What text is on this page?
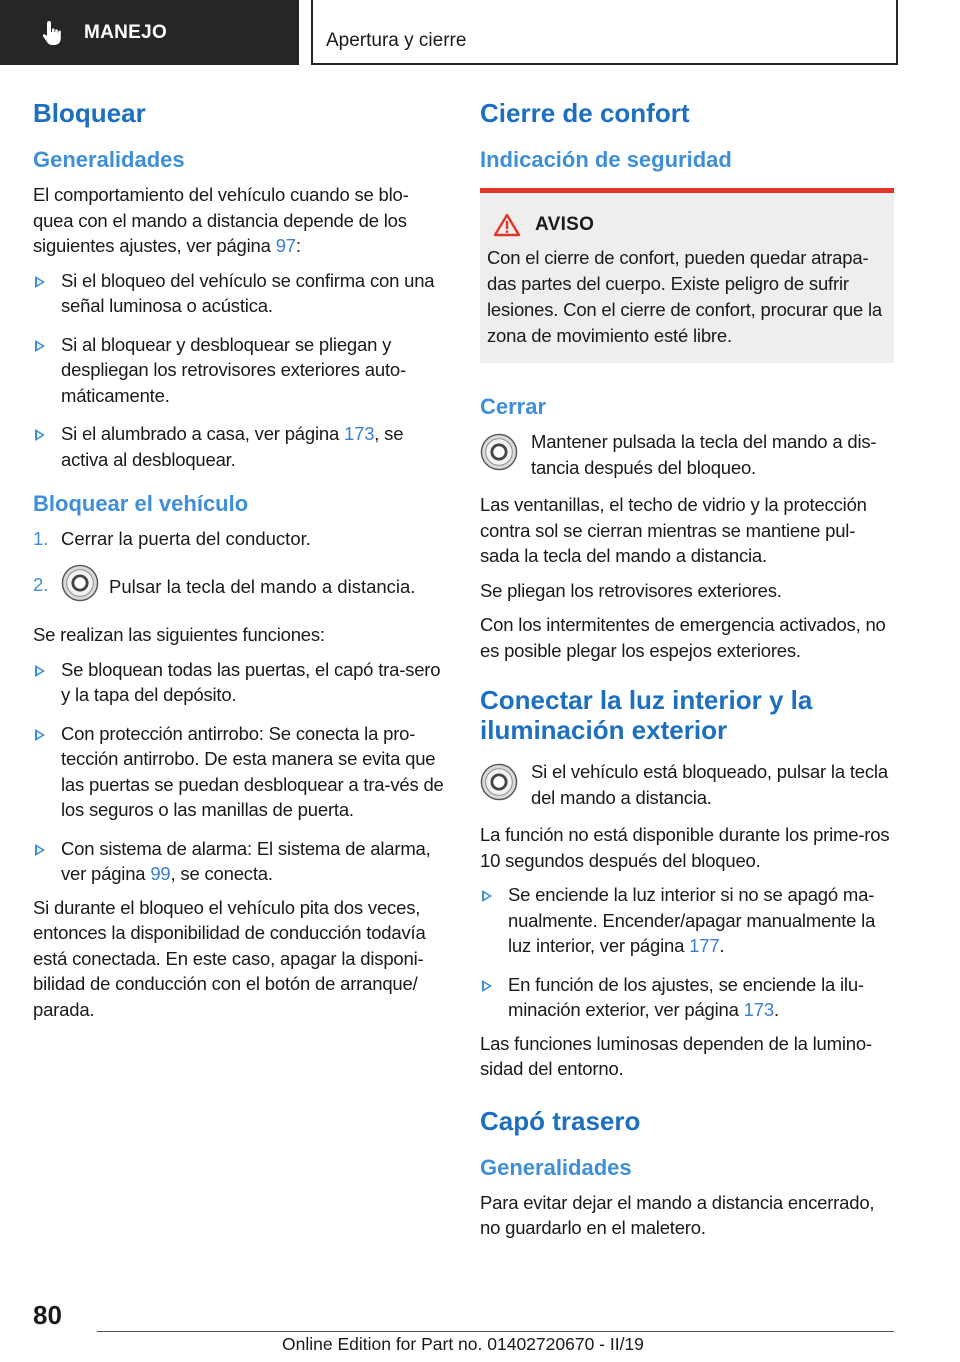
MANEJO	Apertura y cierre
Bloquear
Generalidades

El comportamiento del vehículo cuando se blo-quea con el mando a distancia depende de los siguientes ajustes, ver página 97:

Si el bloqueo del vehículo se confirma con una señal luminosa o acústica.
Si al bloquear y desbloquear se pliegan y despliegan los retrovisores exteriores auto-máticamente.
Si el alumbrado a casa, ver página 173, se activa al desbloquear.
Bloquear el vehículo
1. Cerrar la puerta del conductor.
2.	Pulsar la tecla del mando a distancia.

Se realizan las siguientes funciones:

Se bloquean todas las puertas, el capó tra-sero y la tapa del depósito.
Con protección antirrobo: Se conecta la pro-tección antirrobo. De esta manera se evita que las puertas se puedan desbloquear a tra-vés de los seguros o las manillas de puerta.
Con sistema de alarma: El sistema de alarma, ver página 99, se conecta.

Si durante el bloqueo el vehículo pita dos veces, entonces la disponibilidad de conducción todavía está conectada. En este caso, apagar la disponi-bilidad de conducción con el botón de arranque/ parada.

Cierre de confort
Indicación de seguridad
AVISO

Con el cierre de confort, pueden quedar atrapa-das partes del cuerpo. Existe peligro de sufrir lesiones. Con el cierre de confort, procurar que la zona de movimiento esté libre.

Cerrar

Mantener pulsada la tecla del mando a dis-tancia después del bloqueo.

Las ventanillas, el techo de vidrio y la protección contra sol se cierran mientras se mantiene pul-sada la tecla del mando a distancia.

Se pliegan los retrovisores exteriores.

Con los intermitentes de emergencia activados, no es posible plegar los espejos exteriores.

Conectar la luz interior y la iluminación exterior

Si el vehículo está bloqueado, pulsar la tecla del mando a distancia.

La función no está disponible durante los prime-ros 10 segundos después del bloqueo.

Se enciende la luz interior si no se apagó ma-nualmente. Encender/apagar manualmente la luz interior, ver página 177.
En función de los ajustes, se enciende la ilu-minación exterior, ver página 173.

Las funciones luminosas dependen de la lumino-sidad del entorno.

Capó trasero
Generalidades

Para evitar dejar el mando a distancia encerrado, no guardarlo en el maletero.

80
Online Edition for Part no. 01402720670 - II/19
